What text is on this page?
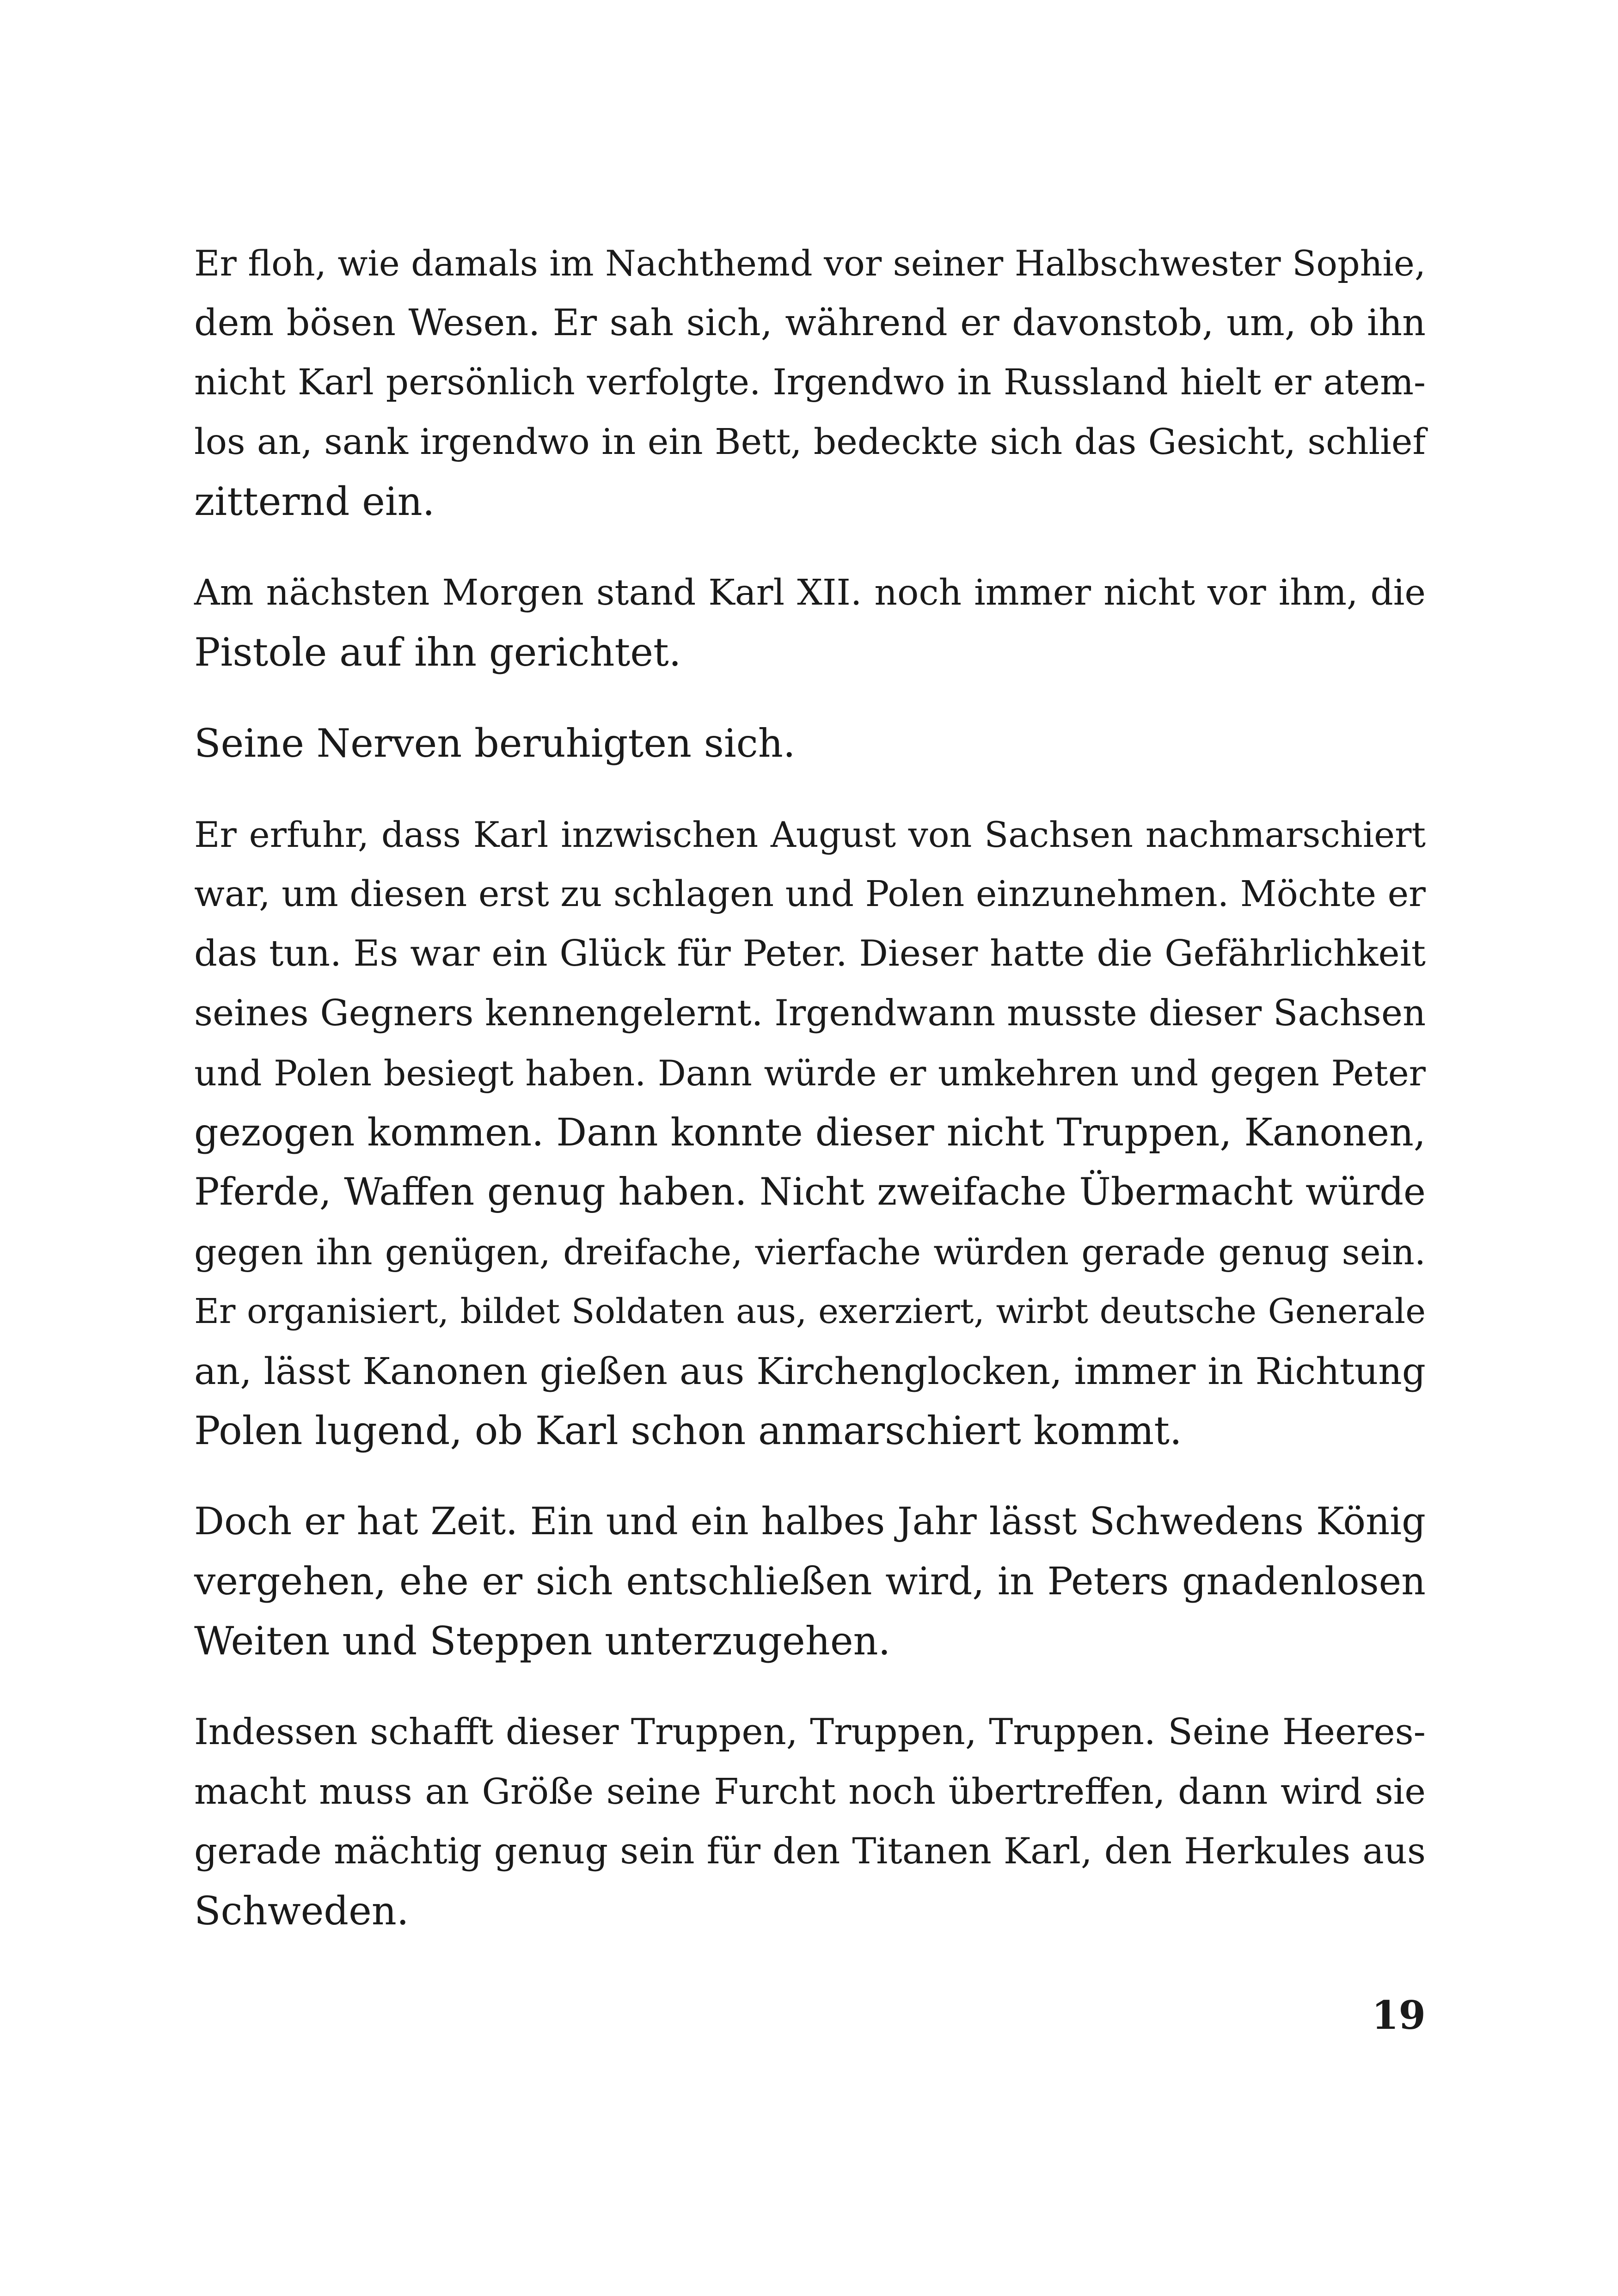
Er floh, wie damals im Nachthemd vor seiner Halbschwester Sophie,
dem bösen Wesen. Er sah sich, während er davonstob, um, ob ihn
nicht Karl persönlich verfolgte. Irgendwo in Russland hielt er atem-
los an, sank irgendwo in ein Bett, bedeckte sich das Gesicht, schlief
zitternd ein.
Am nächsten Morgen stand Karl XII. noch immer nicht vor ihm, die
Pistole auf ihn gerichtet.
Seine Nerven beruhigten sich.
Er erfuhr, dass Karl inzwischen August von Sachsen nachmarschiert
war, um diesen erst zu schlagen und Polen einzunehmen. Möchte er
das tun. Es war ein Glück für Peter. Dieser hatte die Gefährlichkeit
seines Gegners kennengelernt. Irgendwann musste dieser Sachsen
und Polen besiegt haben. Dann würde er umkehren und gegen Peter
gezogen kommen. Dann konnte dieser nicht Truppen, Kanonen,
Pferde, Waffen genug haben. Nicht zweifache Übermacht würde
gegen ihn genügen, dreifache, vierfache würden gerade genug sein.
Er organisiert, bildet Soldaten aus, exerziert, wirbt deutsche Generale
an, lässt Kanonen gießen aus Kirchenglocken, immer in Richtung
Polen lugend, ob Karl schon anmarschiert kommt.
Doch er hat Zeit. Ein und ein halbes Jahr lässt Schwedens König
vergehen, ehe er sich entschließen wird, in Peters gnadenlosen
Weiten und Steppen unterzugehen.
Indessen schafft dieser Truppen, Truppen, Truppen. Seine Heeres-
macht muss an Größe seine Furcht noch übertreffen, dann wird sie
gerade mächtig genug sein für den Titanen Karl, den Herkules aus
Schweden.
19
